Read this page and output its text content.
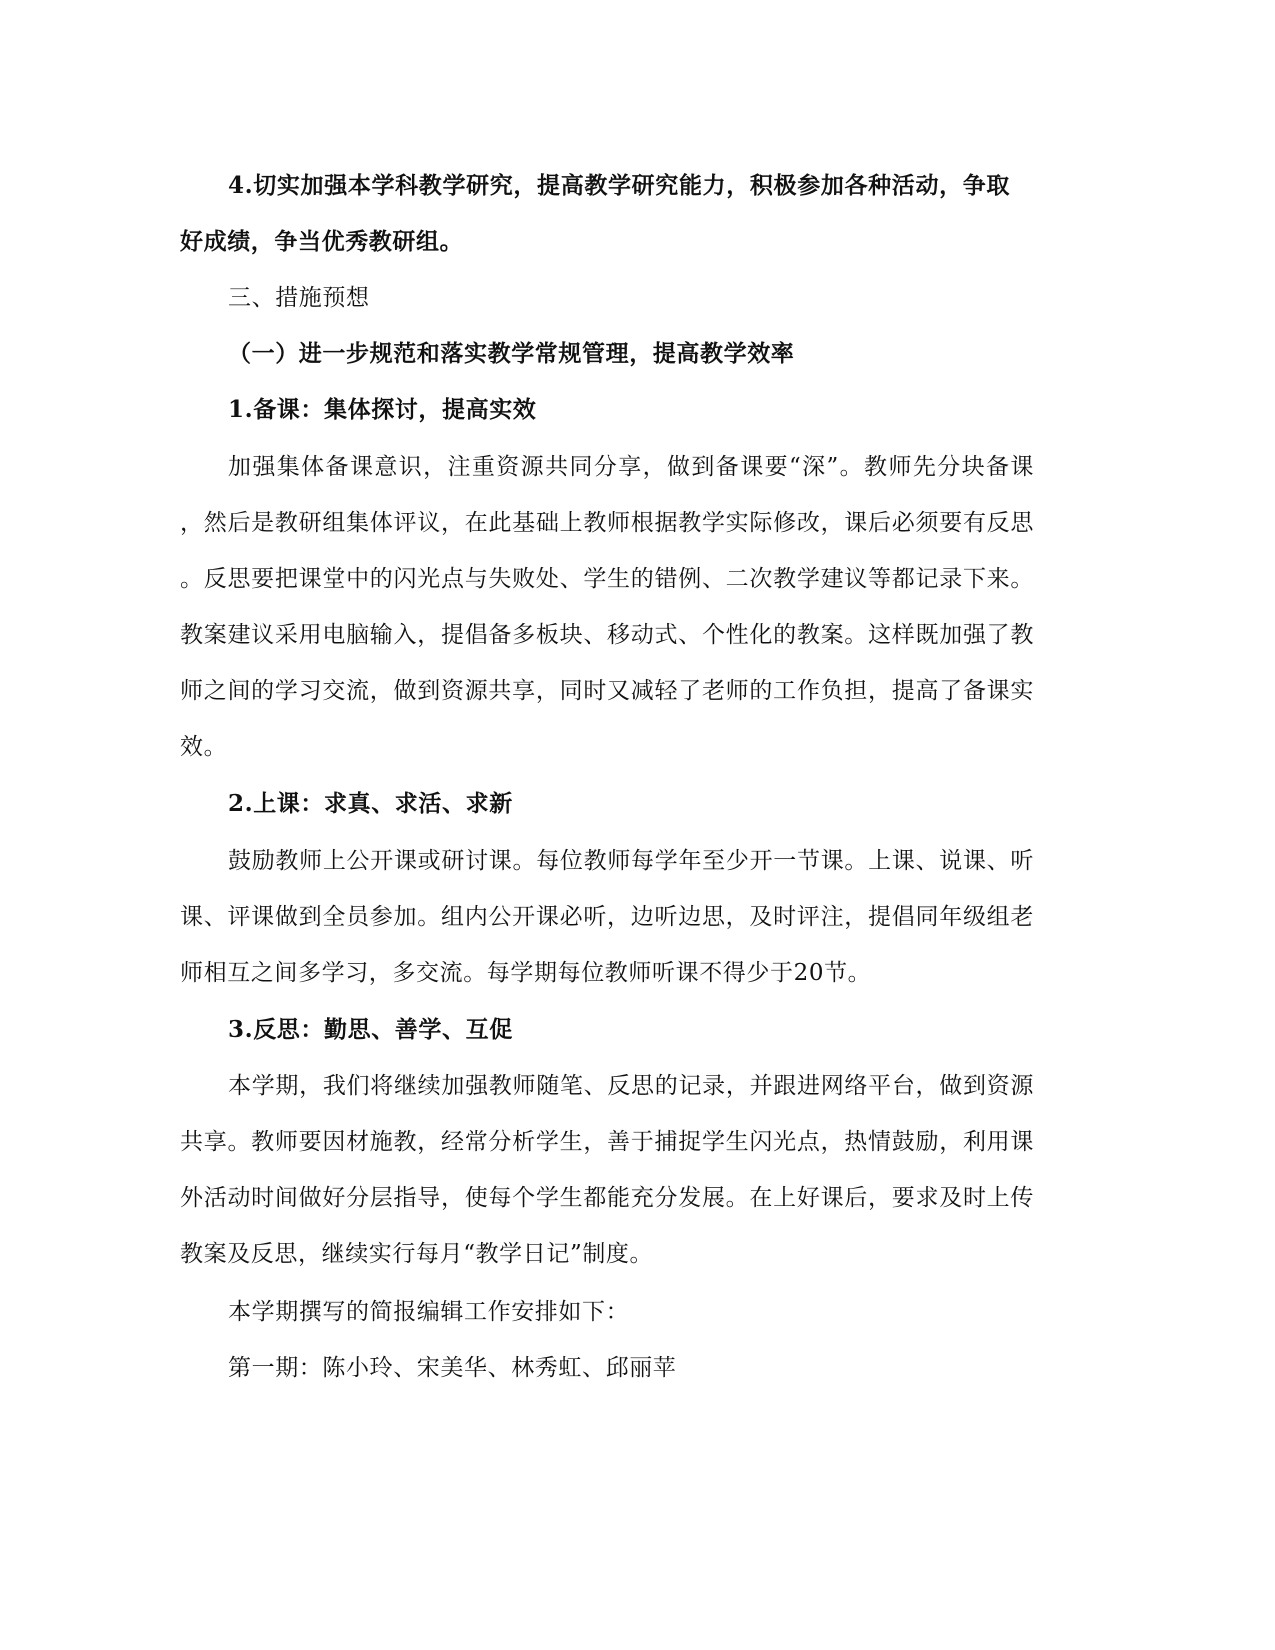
4.切实加强本学科教学研究，提高教学研究能力，积极参加各种活动，争取
好成绩，争当优秀教研组。
三、措施预想
（一）进一步规范和落实教学常规管理，提高教学效率
1.备课：集体探讨，提高实效
加强集体备课意识，注重资源共同分享，做到备课要“深”。教师先分块备课
，然后是教研组集体评议，在此基础上教师根据教学实际修改，课后必须要有反思
。反思要把课堂中的闪光点与失败处、学生的错例、二次教学建议等都记录下来。
教案建议采用电脑输入，提倡备多板块、移动式、个性化的教案。这样既加强了教
师之间的学习交流，做到资源共享，同时又减轻了老师的工作负担，提高了备课实
效。
2.上课：求真、求活、求新
鼓励教师上公开课或研讨课。每位教师每学年至少开一节课。上课、说课、听
课、评课做到全员参加。组内公开课必听，边听边思，及时评注，提倡同年级组老
师相互之间多学习，多交流。每学期每位教师听课不得少于20节。
3.反思：勤思、善学、互促
本学期，我们将继续加强教师随笔、反思的记录，并跟进网络平台，做到资源
共享。教师要因材施教，经常分析学生，善于捕捉学生闪光点，热情鼓励，利用课
外活动时间做好分层指导，使每个学生都能充分发展。在上好课后，要求及时上传
教案及反思，继续实行每月“教学日记”制度。
本学期撰写的简报编辑工作安排如下：
第一期：陈小玲、宋美华、林秀虹、邱丽苹
